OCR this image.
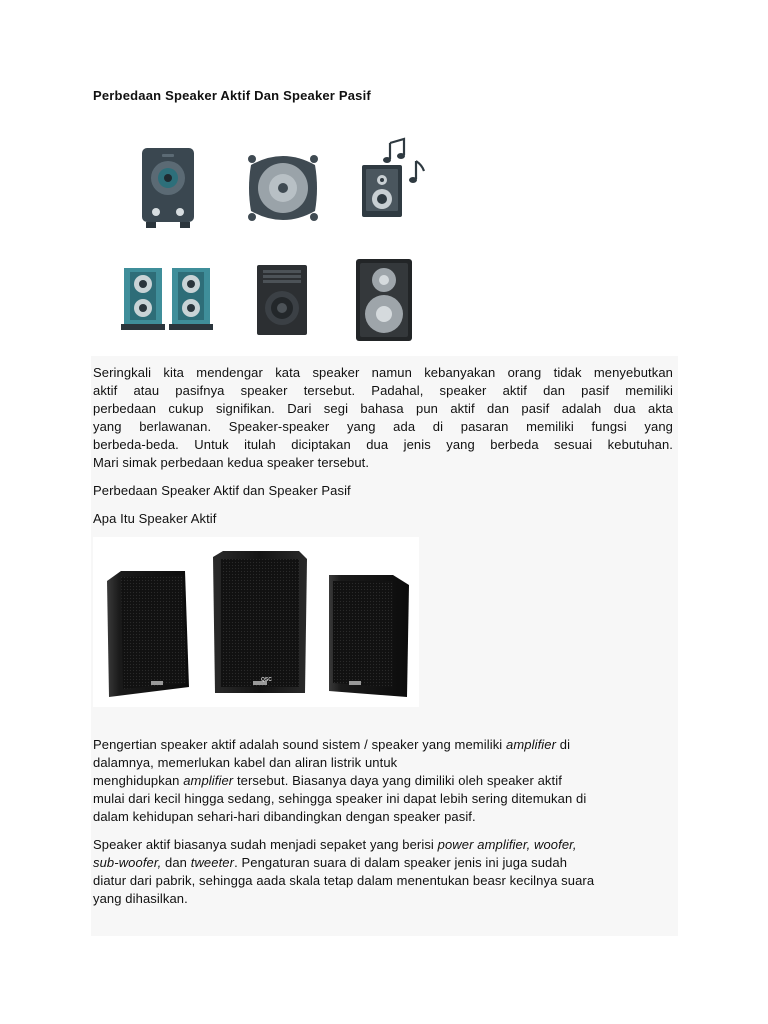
Perbedaan Speaker Aktif Dan Speaker Pasif
Seringkali kita mendengar kata speaker namun kebanyakan orang tidak menyebutkan
aktif atau pasifnya speaker tersebut. Padahal, speaker aktif dan pasif memiliki
perbedaan cukup signifikan. Dari segi bahasa pun aktif dan pasif adalah dua akta
yang berlawanan. Speaker-speaker yang ada di pasaran memiliki fungsi yang
berbeda-beda. Untuk itulah diciptakan dua jenis yang berbeda sesuai kebutuhan.
Mari simak perbedaan kedua speaker tersebut.
Perbedaan Speaker Aktif dan Speaker Pasif
Apa Itu Speaker Aktif
QSC
Pengertian speaker aktif adalah sound sistem / speaker yang memiliki amplifier di
dalamnya, memerlukan kabel dan aliran listrik untuk
menghidupkan amplifier tersebut. Biasanya daya yang dimiliki oleh speaker aktif
mulai dari kecil hingga sedang, sehingga speaker ini dapat lebih sering ditemukan di
dalam kehidupan sehari-hari dibandingkan dengan speaker pasif.
Speaker aktif biasanya sudah menjadi sepaket yang berisi power amplifier, woofer,
sub-woofer, dan tweeter. Pengaturan suara di dalam speaker jenis ini juga sudah
diatur dari pabrik, sehingga aada skala tetap dalam menentukan beasr kecilnya suara
yang dihasilkan.
